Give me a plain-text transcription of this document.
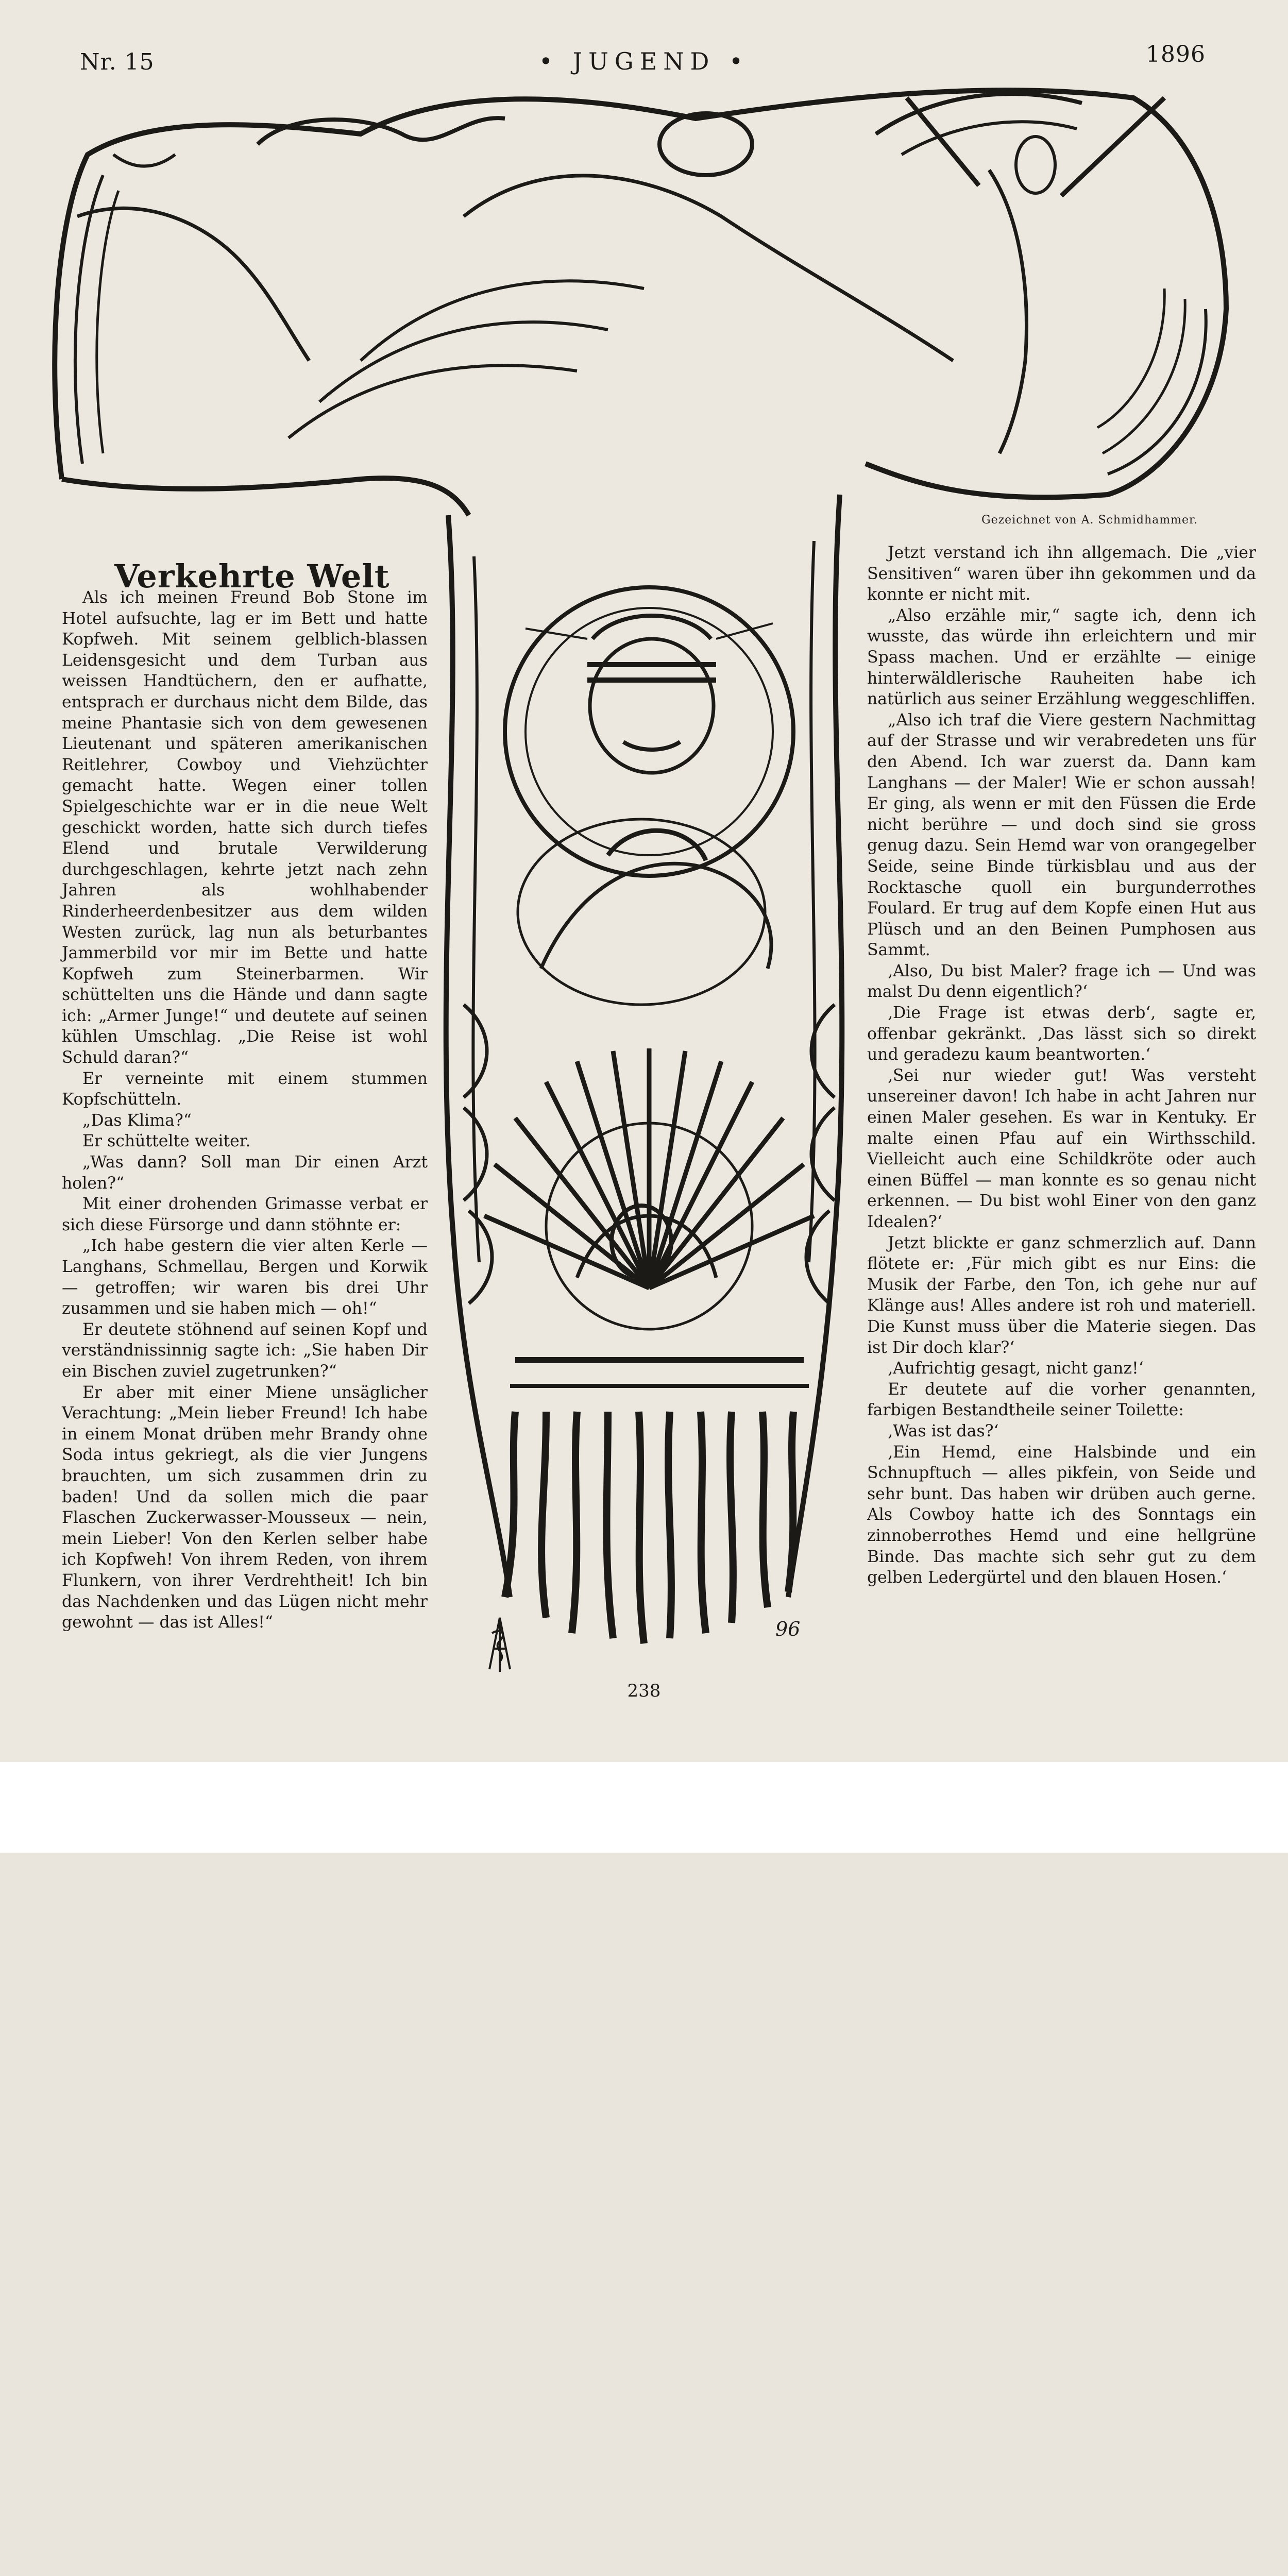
Nr. 15	• JUGEND •	1896
Gezeichnet von A. Schmidhammer.
Verkehrte Welt

Als ich meinen Freund Bob Stone im Hotel aufsuchte, lag er im Bett und hatte Kopfweh. Mit seinem gelblich-blassen Leidensgesicht und dem Turban aus weissen Handtüchern, den er aufhatte, entsprach er durchaus nicht dem Bilde, das meine Phantasie sich von dem gewesenen Lieutenant und späteren amerikanischen Reitlehrer, Cowboy und Viehzüchter gemacht hatte. Wegen einer tollen Spielgeschichte war er in die neue Welt geschickt worden, hatte sich durch tiefes Elend und brutale Verwilderung durchgeschlagen, kehrte jetzt nach zehn Jahren als wohlhabender Rinderheerdenbesitzer aus dem wilden Westen zurück, lag nun als beturbantes Jammerbild vor mir im Bette und hatte Kopfweh zum Steinerbarmen. Wir schüttelten uns die Hände und dann sagte ich: „Armer Junge!“ und deutete auf seinen kühlen Umschlag. „Die Reise ist wohl Schuld daran?“

Er verneinte mit einem stummen Kopfschütteln.

„Das Klima?“

Er schüttelte weiter.

„Was dann? Soll man Dir einen Arzt holen?“

Mit einer drohenden Grimasse verbat er sich diese Fürsorge und dann stöhnte er:

„Ich habe gestern die vier alten Kerle — Langhans, Schmellau, Bergen und Korwik — getroffen; wir waren bis drei Uhr zusammen und sie haben mich — oh!“

Er deutete stöhnend auf seinen Kopf und verständnissinnig sagte ich: „Sie haben Dir ein Bischen zuviel zugetrunken?“

Er aber mit einer Miene unsäglicher Verachtung: „Mein lieber Freund! Ich habe in einem Monat drüben mehr Brandy ohne Soda intus gekriegt, als die vier Jungens brauchten, um sich zusammen drin zu baden! Und da sollen mich die paar Flaschen Zuckerwasser-Mousseux — nein, mein Lieber! Von den Kerlen selber habe ich Kopfweh! Von ihrem Reden, von ihrem Flunkern, von ihrer Verdrehtheit! Ich bin das Nachdenken und das Lügen nicht mehr gewohnt — das ist Alles!“

Jetzt verstand ich ihn allgemach. Die „vier Sensitiven“ waren über ihn gekommen und da konnte er nicht mit.

„Also erzähle mir,“ sagte ich, denn ich wusste, das würde ihn erleichtern und mir Spass machen. Und er erzählte — einige hinterwäldlerische Rauheiten habe ich natürlich aus seiner Erzählung weggeschliffen.

„Also ich traf die Viere gestern Nachmittag auf der Strasse und wir verabredeten uns für den Abend. Ich war zuerst da. Dann kam Langhans — der Maler! Wie er schon aussah! Er ging, als wenn er mit den Füssen die Erde nicht berühre — und doch sind sie gross genug dazu. Sein Hemd war von orangegelber Seide, seine Binde türkisblau und aus der Rocktasche quoll ein burgunderrothes Foulard. Er trug auf dem Kopfe einen Hut aus Plüsch und an den Beinen Pumphosen aus Sammt.

‚Also, Du bist Maler? frage ich — Und was malst Du denn eigentlich?‘

‚Die Frage ist etwas derb‘, sagte er, offenbar gekränkt. ‚Das lässt sich so direkt und geradezu kaum beantworten.‘

‚Sei nur wieder gut! Was versteht unsereiner davon! Ich habe in acht Jahren nur einen Maler gesehen. Es war in Kentuky. Er malte einen Pfau auf ein Wirthsschild. Vielleicht auch eine Schildkröte oder auch einen Büffel — man konnte es so genau nicht erkennen. — Du bist wohl Einer von den ganz Idealen?‘

Jetzt blickte er ganz schmerzlich auf. Dann flötete er: ‚Für mich gibt es nur Eins: die Musik der Farbe, den Ton, ich gehe nur auf Klänge aus! Alles andere ist roh und materiell. Die Kunst muss über die Materie siegen. Das ist Dir doch klar?‘

‚Aufrichtig gesagt, nicht ganz!‘

Er deutete auf die vorher genannten, farbigen Bestandtheile seiner Toilette:

‚Was ist das?‘

‚Ein Hemd, eine Halsbinde und ein Schnupftuch — alles pikfein, von Seide und sehr bunt. Das haben wir drüben auch gerne. Als Cowboy hatte ich des Sonntags ein zinnoberrothes Hemd und eine hellgrüne Binde. Das machte sich sehr gut zu dem gelben Ledergürtel und den blauen Hosen.‘

96
238
